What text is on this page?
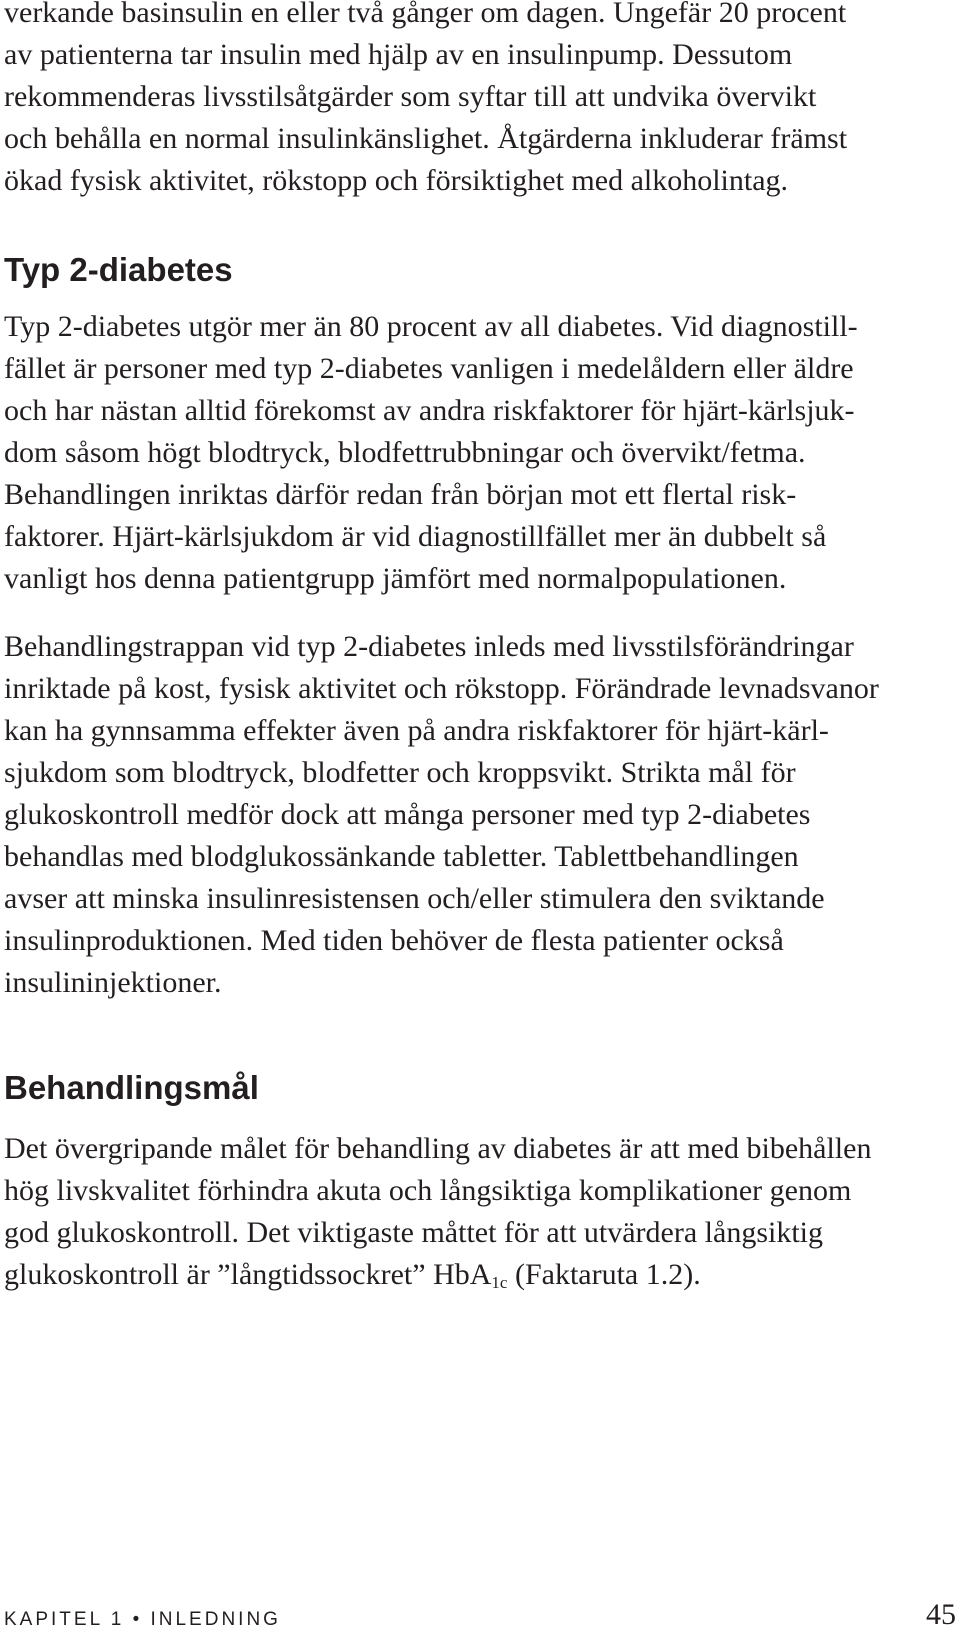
verkande basinsulin en eller två gånger om dagen. Ungefär 20 procent
av patienterna tar insulin med hjälp av en insulinpump. Dessutom
rekommenderas livsstilsåtgärder som syftar till att undvika övervikt
och behålla en normal insulinkänslighet. Åtgärderna inkluderar främst
ökad fysisk aktivitet, rökstopp och försiktighet med alkoholintag.
Typ 2-diabetes
Typ 2-diabetes utgör mer än 80 procent av all diabetes. Vid diagnostill-
fället är personer med typ 2-diabetes vanligen i medelåldern eller äldre
och har nästan alltid förekomst av andra riskfaktorer för hjärt-kärlsjuk-
dom såsom högt blodtryck, blodfettrubbningar och övervikt/fetma.
Behandlingen inriktas därför redan från början mot ett flertal risk-
faktorer. Hjärt-kärlsjukdom är vid diagnostillfället mer än dubbelt så
vanligt hos denna patientgrupp jämfört med normalpopulationen.
Behandlingstrappan vid typ 2-diabetes inleds med livsstilsförändringar
inriktade på kost, fysisk aktivitet och rökstopp. Förändrade levnadsvanor
kan ha gynnsamma effekter även på andra riskfaktorer för hjärt-kärl-
sjukdom som blodtryck, blodfetter och kroppsvikt. Strikta mål för
glukoskontroll medför dock att många personer med typ 2-diabetes
behandlas med blodglukossänkande tabletter. Tablettbehandlingen
avser att minska insulinresistensen och/eller stimulera den sviktande
insulinproduktionen. Med tiden behöver de flesta patienter också
insulininjektioner.
Behandlingsmål
Det övergripande målet för behandling av diabetes är att med bibehållen
hög livskvalitet förhindra akuta och långsiktiga komplikationer genom
god glukoskontroll. Det viktigaste måttet för att utvärdera långsiktig
glukoskontroll är ”långtidssockret” HbA$_{1c}$ (Faktaruta 1.2).
KAPITEL 1 • INLEDNING	45
